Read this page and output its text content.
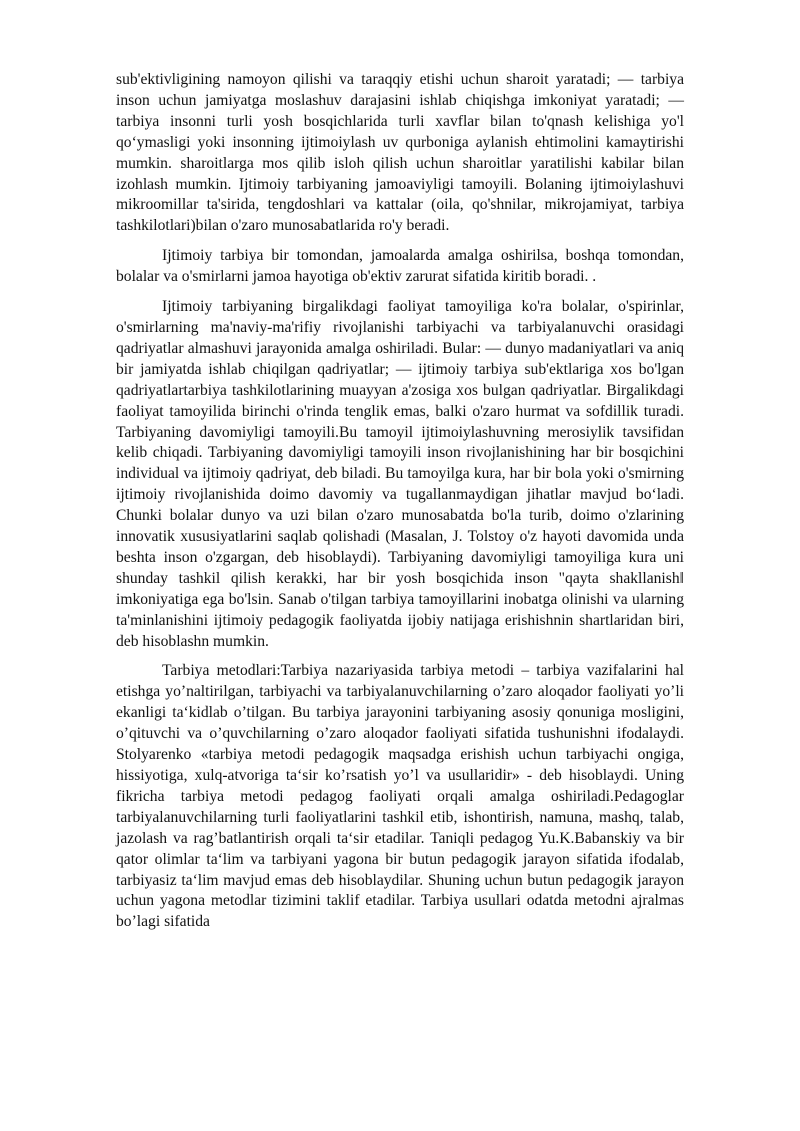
sub'ektivligining namoyon qilishi va taraqqiy etishi uchun sharoit yaratadi; — tarbiya inson uchun jamiyatga moslashuv darajasini ishlab chiqishga imkoniyat yaratadi; — tarbiya insonni turli yosh bosqichlarida turli xavflar bilan to'qnash kelishiga yo'l qo‘ymasligi yoki insonning ijtimoiylash uv qurboniga aylanish ehtimolini kamaytirishi mumkin. sharoitlarga mos qilib isloh qilish uchun sharoitlar yaratilishi kabilar bilan izohlash mumkin. Ijtimoiy tarbiyaning jamoaviyligi tamoyili. Bolaning ijtimoiylashuvi mikroomillar ta'sirida, tengdoshlari va kattalar (oila, qo'shnilar, mikrojamiyat, tarbiya tashkilotlari)bilan o'zaro munosabatlarida ro'y beradi.

Ijtimoiy tarbiya bir tomondan, jamoalarda amalga oshirilsa, boshqa tomondan, bolalar va o'smirlarni jamoa hayotiga ob'ektiv zarurat sifatida kiritib boradi. .

Ijtimoiy tarbiyaning birgalikdagi faoliyat tamoyiliga ko'ra bolalar, o'spirinlar, o'smirlarning ma'naviy-ma'rifiy rivojlanishi tarbiyachi va tarbiyalanuvchi orasidagi qadriyatlar almashuvi jarayonida amalga oshiriladi. Bular: — dunyo madaniyatlari va aniq bir jamiyatda ishlab chiqilgan qadriyatlar; — ijtimoiy tarbiya sub'ektlariga xos bo'lgan qadriyatlartarbiya tashkilotlarining muayyan a'zosiga xos bulgan qadriyatlar. Birgalikdagi faoliyat tamoyilida birinchi o'rinda tenglik emas, balki o'zaro hurmat va sofdillik turadi. Tarbiyaning davomiyligi tamoyili.Bu tamoyil ijtimoiylashuvning merosiylik tavsifidan kelib chiqadi. Tarbiyaning davomiyligi tamoyili inson rivojlanishining har bir bosqichini individual va ijtimoiy qadriyat, deb biladi. Bu tamoyilga kura, har bir bola yoki o'smirning ijtimoiy rivojlanishida doimo davomiy va tugallanmaydigan jihatlar mavjud bo‘ladi. Chunki bolalar dunyo va uzi bilan o'zaro munosabatda bo'la turib, doimo o'zlarining innovatik xususiyatlarini saqlab qolishadi (Masalan, J. Tolstoy o'z hayoti davomida unda beshta inson o'zgargan, deb hisoblaydi). Tarbiyaning davomiyligi tamoyiliga kura uni shunday tashkil qilish kerakki, har bir yosh bosqichida inson "qayta shakllanish‖ imkoniyatiga ega bo'lsin. Sanab o'tilgan tarbiya tamoyillarini inobatga olinishi va ularning ta'minlanishini ijtimoiy pedagogik faoliyatda ijobiy natijaga erishishnin shartlaridan biri, deb hisoblashn mumkin.

Tarbiya metodlari:Tarbiya nazariyasida tarbiya metodi – tarbiya vazifalarini hal etishga yo’naltirilgan, tarbiyachi va tarbiyalanuvchilarning o’zaro aloqador faoliyati yo’li ekanligi ta‘kidlab o’tilgan. Bu tarbiya jarayonini tarbiyaning asosiy qonuniga mosligini, o’qituvchi va o’quvchilarning o’zaro aloqador faoliyati sifatida tushunishni ifodalaydi. Stolyarenko «tarbiya metodi pedagogik maqsadga erishish uchun tarbiyachi ongiga, hissiyotiga, xulq-atvoriga ta‘sir ko’rsatish yo’l va usullaridir» - deb hisoblaydi. Uning fikricha tarbiya metodi pedagog faoliyati orqali amalga oshiriladi.Pedagoglar tarbiyalanuvchilarning turli faoliyatlarini tashkil etib, ishontirish, namuna, mashq, talab, jazolash va rag’batlantirish orqali ta‘sir etadilar. Taniqli pedagog Yu.K.Babanskiy va bir qator olimlar ta‘lim va tarbiyani yagona bir butun pedagogik jarayon sifatida ifodalab, tarbiyasiz ta‘lim mavjud emas deb hisoblaydilar. Shuning uchun butun pedagogik jarayon uchun yagona metodlar tizimini taklif etadilar. Tarbiya usullari odatda metodni ajralmas bo’lagi sifatida
